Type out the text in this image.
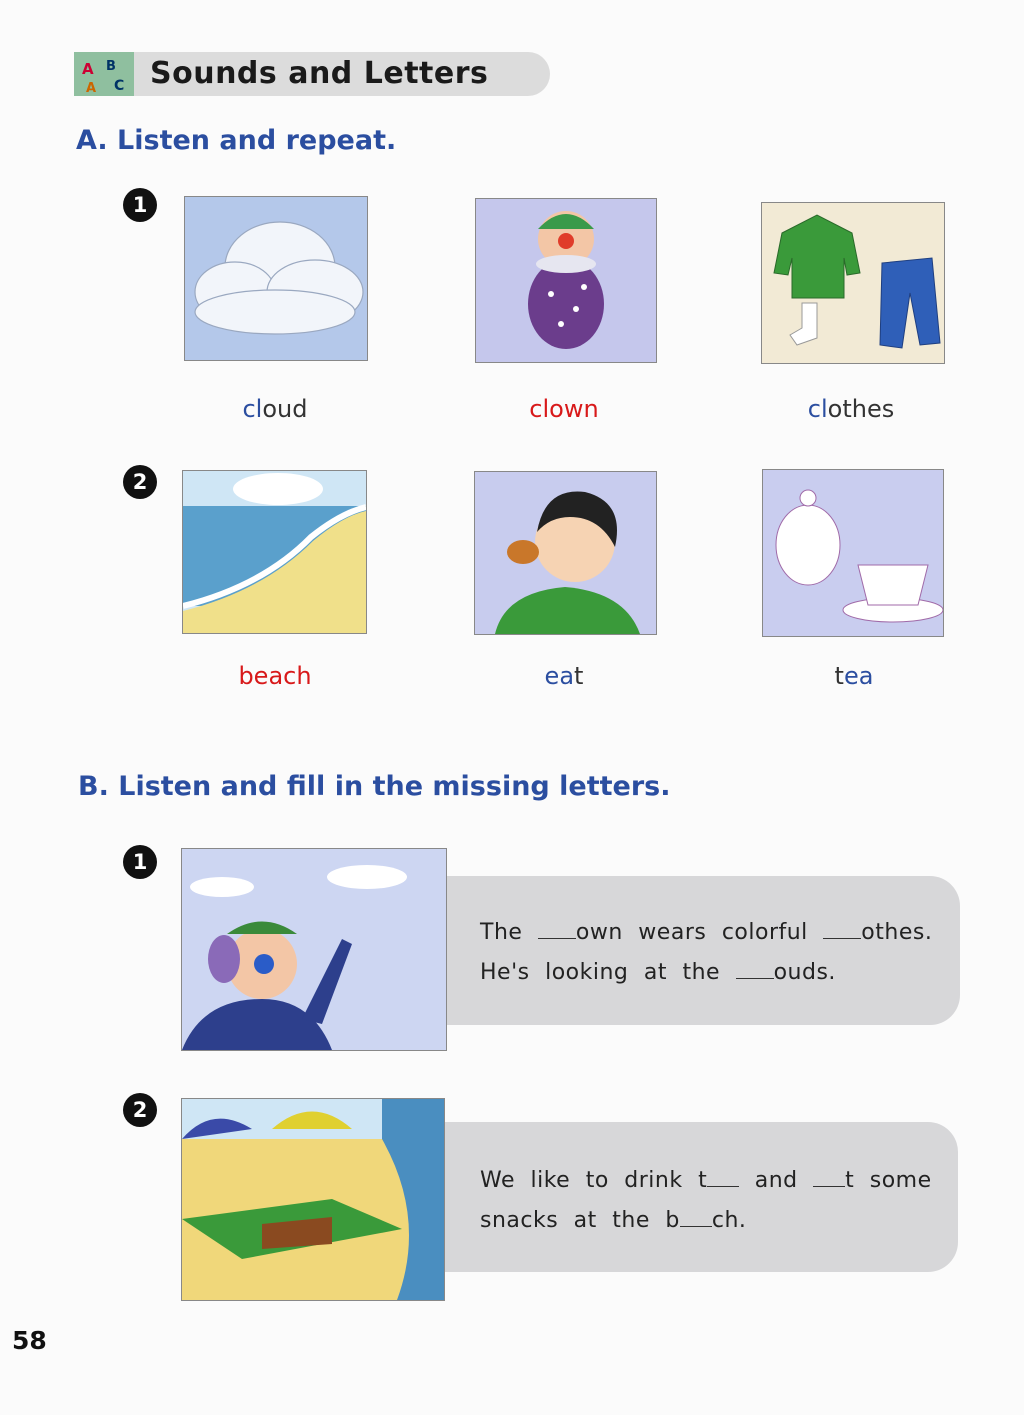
A B
C
A Sounds and Letters
A. Listen and repeat.
1
2
cloud	clown	clothes
beach	eat	tea
B. Listen and fill in the missing letters.
1
The own wears colorful othes.
He's looking at the ouds.
2
We like to drink t and t some
snacks at the b ch.
58
